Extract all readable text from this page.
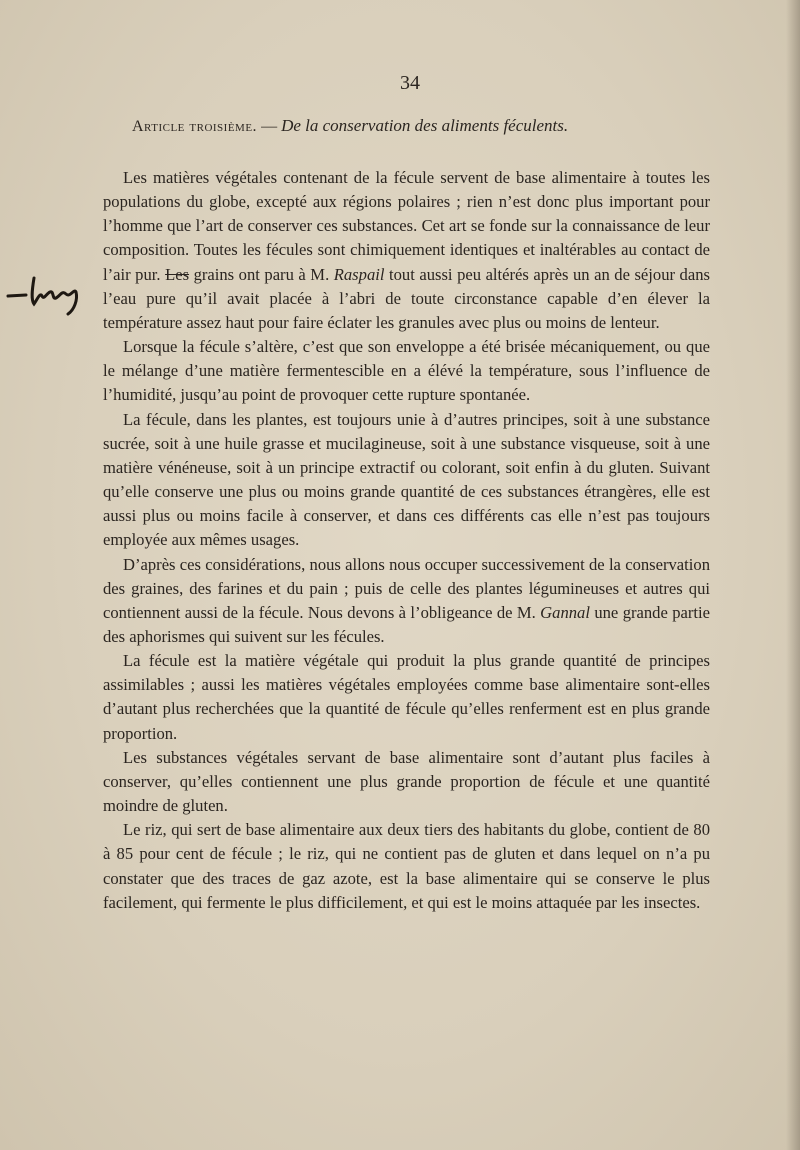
34
Article troisième. — De la conservation des aliments féculents.

Les matières végétales contenant de la fécule servent de base alimentaire à toutes les populations du globe, excepté aux régions polaires ; rien n’est donc plus important pour l’homme que l’art de conserver ces substances. Cet art se fonde sur la connaissance de leur composition. Toutes les fécules sont chimiquement identiques et inaltérables au contact de l’air pur. Les grains ont paru à M. Raspail tout aussi peu altérés après un an de séjour dans l’eau pure qu’il avait placée à l’abri de toute circonstance capable d’en élever la température assez haut pour faire éclater les granules avec plus ou moins de lenteur.

Lorsque la fécule s’altère, c’est que son enveloppe a été brisée mécaniquement, ou que le mélange d’une matière fermentescible en a élévé la température, sous l’influence de l’humidité, jusqu’au point de provoquer cette rupture spontanée.

La fécule, dans les plantes, est toujours unie à d’autres principes, soit à une substance sucrée, soit à une huile grasse et mucilagineuse, soit à une substance visqueuse, soit à une matière vénéneuse, soit à un principe extractif ou colorant, soit enfin à du gluten. Suivant qu’elle conserve une plus ou moins grande quantité de ces substances étrangères, elle est aussi plus ou moins facile à conserver, et dans ces différents cas elle n’est pas toujours employée aux mêmes usages.

D’après ces considérations, nous allons nous occuper successivement de la conservation des graines, des farines et du pain ; puis de celle des plantes légumineuses et autres qui contiennent aussi de la fécule. Nous devons à l’obligeance de M. Gannal une grande partie des aphorismes qui suivent sur les fécules.

La fécule est la matière végétale qui produit la plus grande quantité de principes assimilables ; aussi les matières végétales employées comme base alimentaire sont-elles d’autant plus recherchées que la quantité de fécule qu’elles renferment est en plus grande proportion.

Les substances végétales servant de base alimentaire sont d’autant plus faciles à conserver, qu’elles contiennent une plus grande proportion de fécule et une quantité moindre de gluten.

Le riz, qui sert de base alimentaire aux deux tiers des habitants du globe, contient de 80 à 85 pour cent de fécule ; le riz, qui ne contient pas de gluten et dans lequel on n’a pu constater que des traces de gaz azote, est la base alimentaire qui se conserve le plus facilement, qui fermente le plus difficilement, et qui est le moins attaquée par les insectes.
